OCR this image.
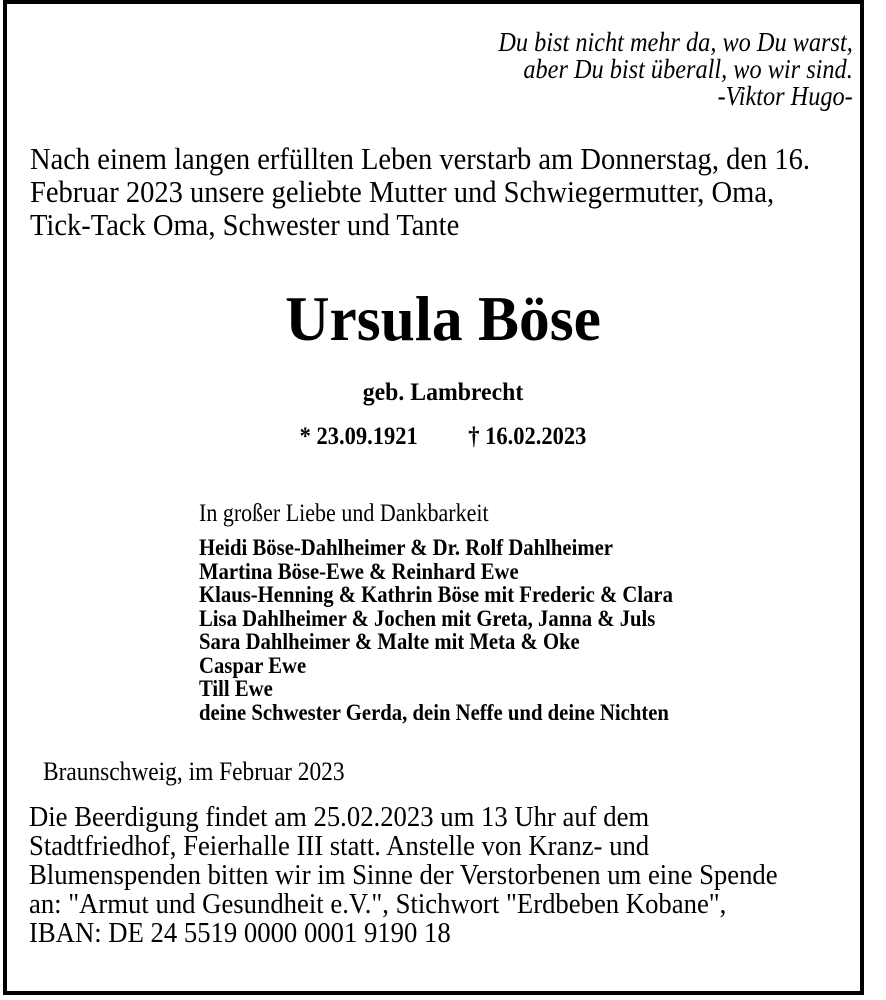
Du bist nicht mehr da, wo Du warst,
aber Du bist überall, wo wir sind.
-Viktor Hugo-
Nach einem langen erfüllten Leben verstarb am Donnerstag, den 16.
Februar 2023 unsere geliebte Mutter und Schwiegermutter, Oma,
Tick-Tack Oma, Schwester und Tante
Ursula Böse
geb. Lambrecht
* 23.09.1921 † 16.02.2023
In großer Liebe und Dankbarkeit
Heidi Böse-Dahlheimer & Dr. Rolf Dahlheimer
Martina Böse-Ewe & Reinhard Ewe
Klaus-Henning & Kathrin Böse mit Frederic & Clara
Lisa Dahlheimer & Jochen mit Greta, Janna & Juls
Sara Dahlheimer & Malte mit Meta & Oke
Caspar Ewe
Till Ewe
deine Schwester Gerda, dein Neffe und deine Nichten
Braunschweig, im Februar 2023
Die Beerdigung findet am 25.02.2023 um 13 Uhr auf dem
Stadtfriedhof, Feierhalle III statt. Anstelle von Kranz- und
Blumenspenden bitten wir im Sinne der Verstorbenen um eine Spende
an: "Armut und Gesundheit e.V.", Stichwort "Erdbeben Kobane",
IBAN: DE 24 5519 0000 0001 9190 18
